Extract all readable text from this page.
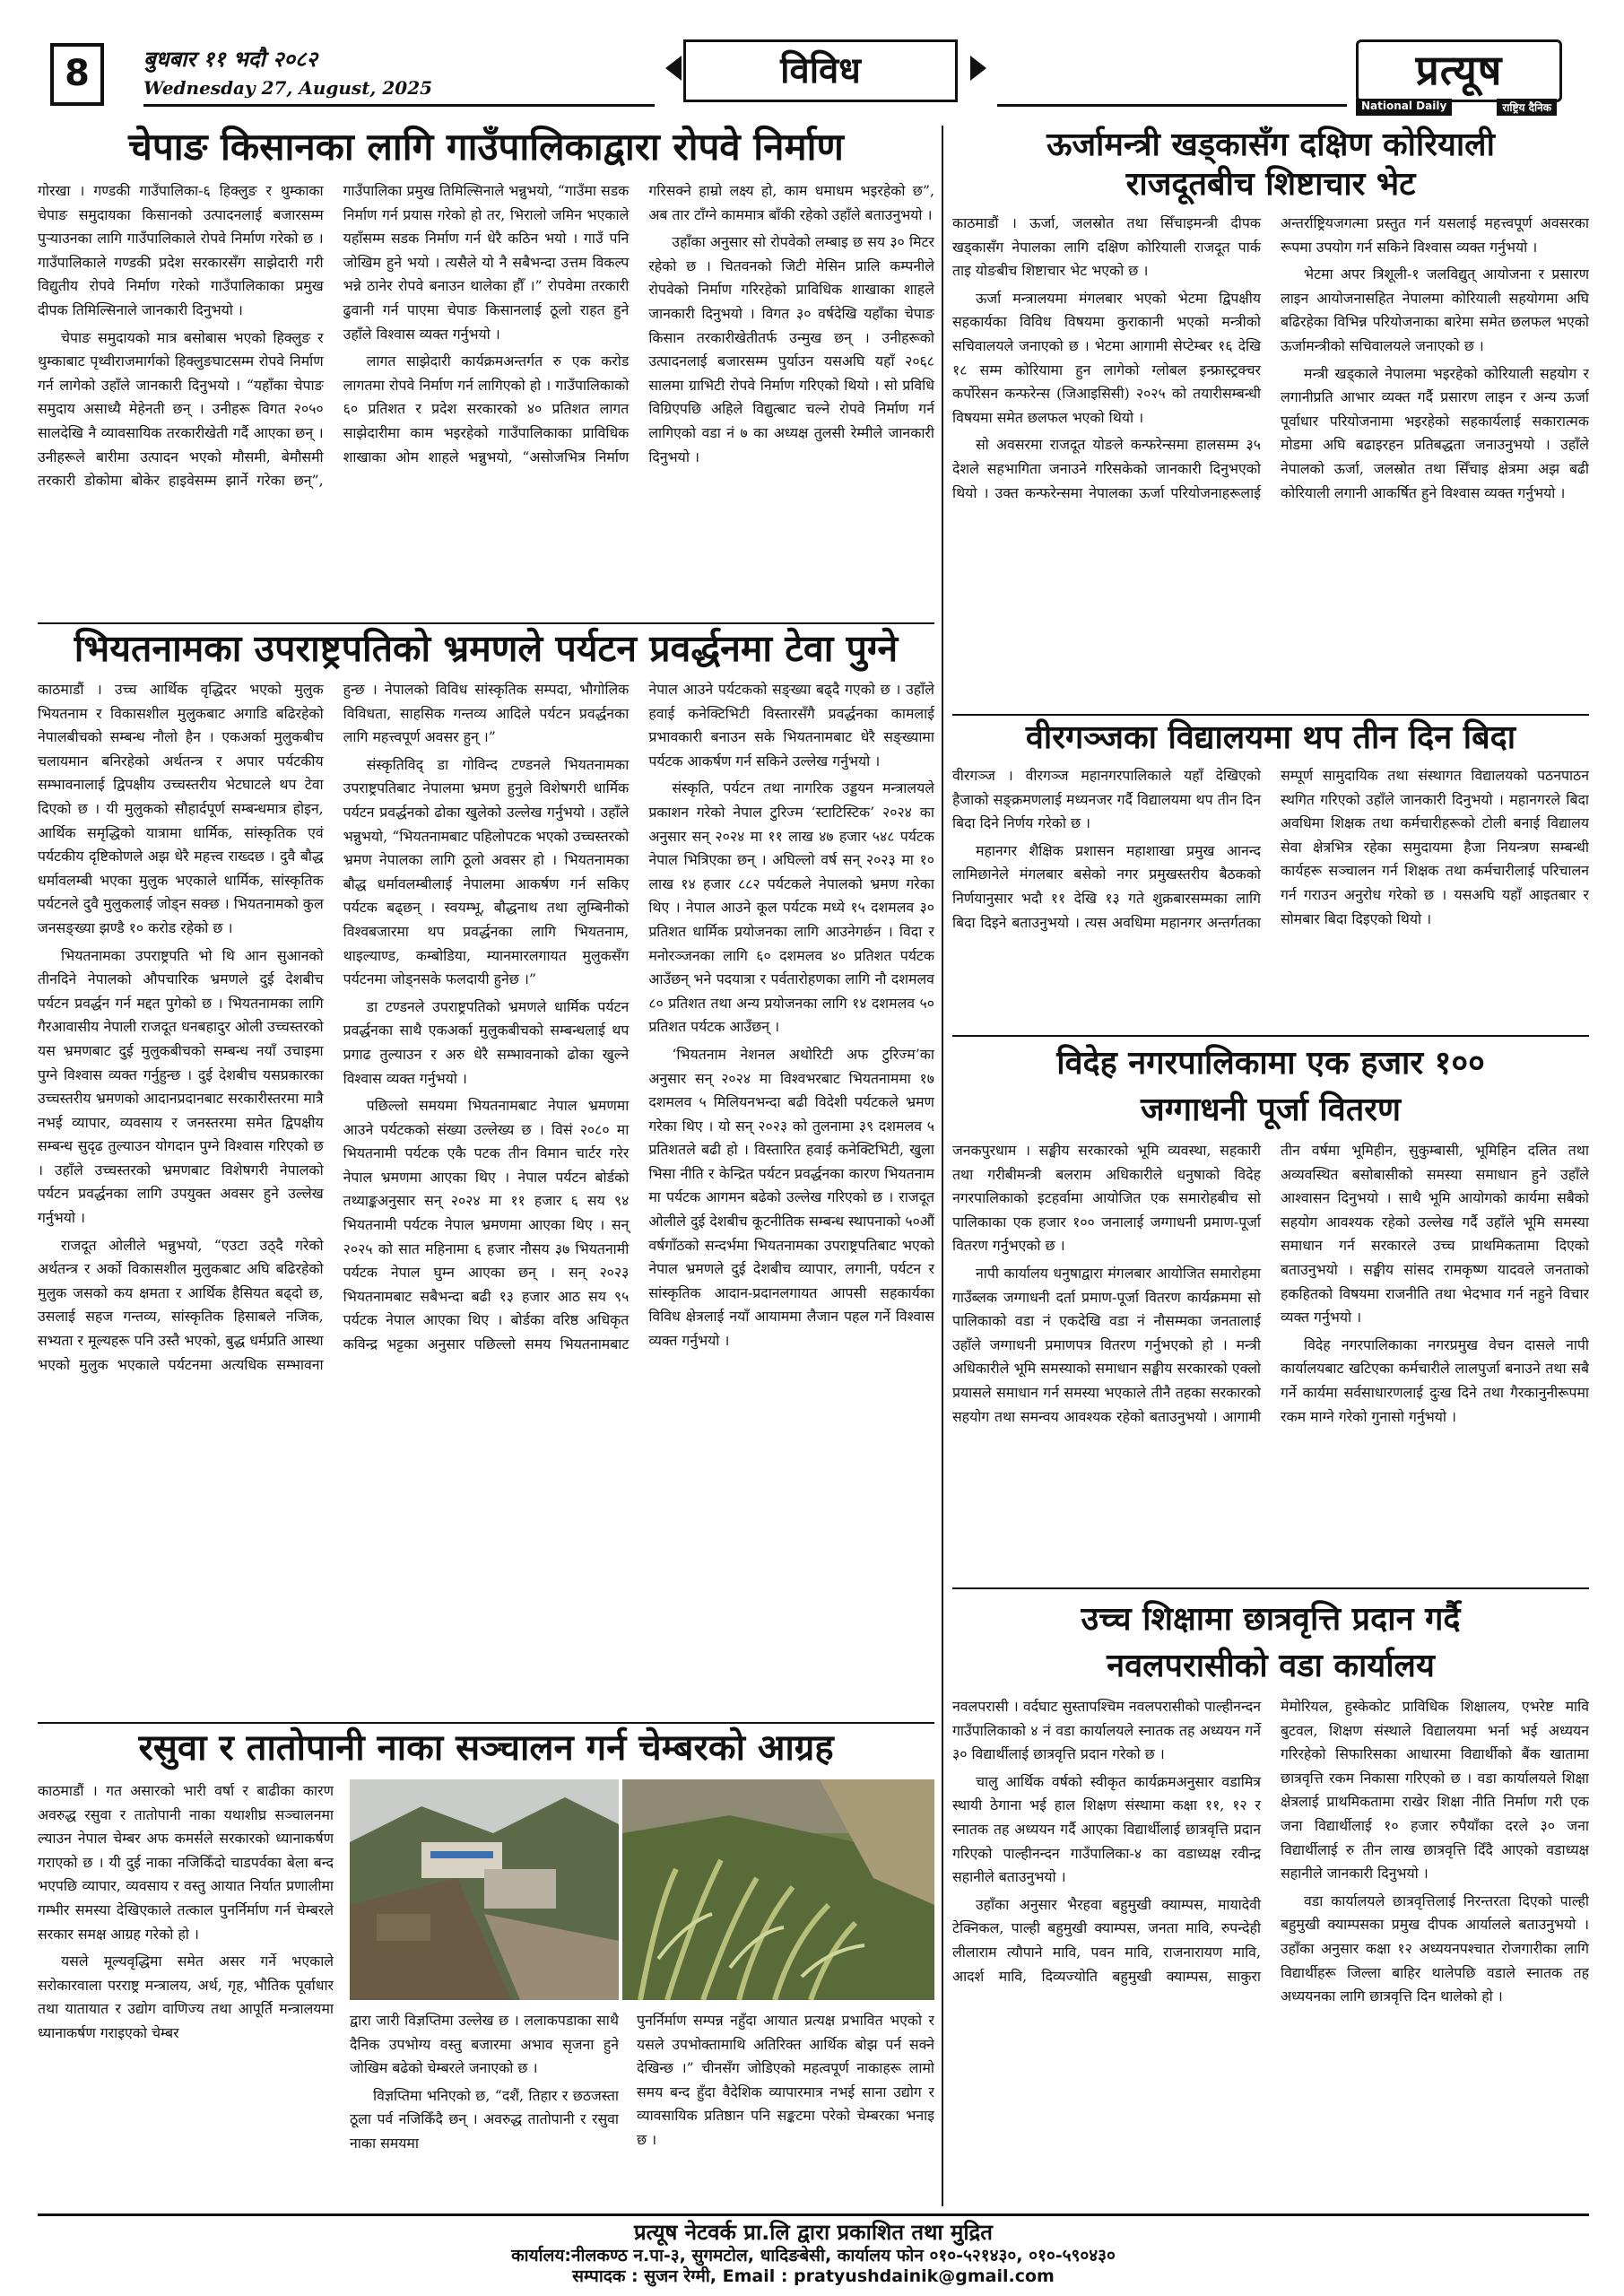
8	बुधबार ११ भदौ २०८२
Wednesday 27, August, 2025	विविध	प्रत्यूष
National Daily	राष्ट्रिय दैनिक
चेपाङ किसानका लागि गाउँपालिकाद्वारा रोपवे निर्माण

गोरखा । गण्डकी गाउँपालिका-६ हिक्लुङ र थुम्काका चेपाङ समुदायका किसानको उत्पादनलाई बजारसम्म पुऱ्याउनका लागि गाउँपालिकाले रोपवे निर्माण गरेको छ । गाउँपालिकाले गण्डकी प्रदेश सरकारसँग साझेदारी गरी विद्युतीय रोपवे निर्माण गरेको गाउँपालिकाका प्रमुख दीपक तिमिल्सिनाले जानकारी दिनुभयो ।

चेपाङ समुदायको मात्र बसोबास भएको हिक्लुङ र थुम्काबाट पृथ्वीराजमार्गको हिक्लुङघाटसम्म रोपवे निर्माण गर्न लागेको उहाँले जानकारी दिनुभयो । “यहाँका चेपाङ समुदाय असाध्यै मेहेनती छन् । उनीहरू विगत २०५० सालदेखि नै व्यावसायिक तरकारीखेती गर्दै आएका छन् । उनीहरूले बारीमा उत्पादन भएको मौसमी, बेमौसमी तरकारी डोकोमा बोकेर हाइवेसम्म झार्ने गरेका छन्”, गाउँपालिका प्रमुख तिमिल्सिनाले भन्नुभयो, “गाउँमा सडक निर्माण गर्न प्रयास गरेको हो तर, भिरालो जमिन भएकाले यहाँसम्म सडक निर्माण गर्न धेरै कठिन भयो । गाउँ पनि जोखिम हुने भयो । त्यसैले यो नै सबैभन्दा उत्तम विकल्प भन्ने ठानेर रोपवे बनाउन थालेका हौँ ।” रोपवेमा तरकारी ढुवानी गर्न पाएमा चेपाङ किसानलाई ठूलो राहत हुने उहाँले विश्वास व्यक्त गर्नुभयो ।

लागत साझेदारी कार्यक्रमअन्तर्गत रु एक करोड लागतमा रोपवे निर्माण गर्न लागिएको हो । गाउँपालिकाको ६० प्रतिशत र प्रदेश सरकारको ४० प्रतिशत लागत साझेदारीमा काम भइरहेको गाउँपालिकाका प्राविधिक शाखाका ओम शाहले भन्नुभयो, “असोजभित्र निर्माण गरिसक्ने हाम्रो लक्ष्य हो, काम धमाधम भइरहेको छ”, अब तार टाँग्ने काममात्र बाँकी रहेको उहाँले बताउनुभयो ।

उहाँका अनुसार सो रोपवेको लम्बाइ छ सय ३० मिटर रहेको छ । चितवनको जिटी मेसिन प्रालि कम्पनीले रोपवेको निर्माण गरिरहेको प्राविधिक शाखाका शाहले जानकारी दिनुभयो । विगत ३० वर्षदेखि यहाँका चेपाङ किसान तरकारीखेतीतर्फ उन्मुख छन् । उनीहरूको उत्पादनलाई बजारसम्म पुर्याउन यसअघि यहाँ २०६८ सालमा ग्राभिटी रोपवे निर्माण गरिएको थियो । सो प्रविधि विग्रिएपछि अहिले विद्युत्बाट चल्ने रोपवे निर्माण गर्न लागिएको वडा नं ७ का अध्यक्ष तुलसी रेम्मीले जानकारी दिनुभयो ।

भियतनामका उपराष्ट्रपतिको भ्रमणले पर्यटन प्रवर्द्धनमा टेवा पुग्ने

काठमाडौं । उच्च आर्थिक वृद्धिदर भएको मुलुक भियतनाम र विकासशील मुलुकबाट अगाडि बढिरहेको नेपालबीचको सम्बन्ध नौलो हैन । एकअर्का मुलुकबीच चलायमान बनिरहेको अर्थतन्त्र र अपार पर्यटकीय सम्भावनालाई द्विपक्षीय उच्चस्तरीय भेटघाटले थप टेवा दिएको छ । यी मुलुकको सौहार्दपूर्ण सम्बन्धमात्र होइन, आर्थिक समृद्धिको यात्रामा धार्मिक, सांस्कृतिक एवं पर्यटकीय दृष्टिकोणले अझ धेरै महत्त्व राख्दछ । दुवै बौद्ध धर्मावलम्बी भएका मुलुक भएकाले धार्मिक, सांस्कृतिक पर्यटनले दुवै मुलुकलाई जोड्न सक्छ । भियतनामको कुल जनसङ्ख्या झण्डै १० करोड रहेको छ ।

भियतनामका उपराष्ट्रपति भो थि आन सुआनको तीनदिने नेपालको औपचारिक भ्रमणले दुई देशबीच पर्यटन प्रवर्द्धन गर्न मद्दत पुगेको छ । भियतनामका लागि गैरआवासीय नेपाली राजदूत धनबहादुर ओली उच्चस्तरको यस भ्रमणबाट दुई मुलुकबीचको सम्बन्ध नयाँ उचाइमा पुग्ने विश्वास व्यक्त गर्नुहुन्छ । दुई देशबीच यसप्रकारका उच्चस्तरीय भ्रमणको आदानप्रदानबाट सरकारीस्तरमा मात्रै नभई व्यापार, व्यवसाय र जनस्तरमा समेत द्विपक्षीय सम्बन्ध सुदृढ तुल्याउन योगदान पुग्ने विश्वास गरिएको छ । उहाँले उच्चस्तरको भ्रमणबाट विशेषगरी नेपालको पर्यटन प्रवर्द्धनका लागि उपयुक्त अवसर हुने उल्लेख गर्नुभयो ।

राजदूत ओलीले भन्नुभयो, “एउटा उठ्दै गरेको अर्थतन्त्र र अर्को विकासशील मुलुकबाट अघि बढिरहेको मुलुक जसको कय क्षमता र आर्थिक हैसियत बढ्दो छ, उसलाई सहज गन्तव्य, सांस्कृतिक हिसाबले नजिक, सभ्यता र मूल्यहरू पनि उस्तै भएको, बुद्ध धर्मप्रति आस्था भएको मुलुक भएकाले पर्यटनमा अत्यधिक सम्भावना हुन्छ । नेपालको विविध सांस्कृतिक सम्पदा, भौगोलिक विविधता, साहसिक गन्तव्य आदिले पर्यटन प्रवर्द्धनका लागि महत्त्वपूर्ण अवसर हुन् ।”

संस्कृतिविद् डा गोविन्द टण्डनले भियतनामका उपराष्ट्रपतिबाट नेपालमा भ्रमण हुनुले विशेषगरी धार्मिक पर्यटन प्रवर्द्धनको ढोका खुलेको उल्लेख गर्नुभयो । उहाँले भन्नुभयो, “भियतनामबाट पहिलोपटक भएको उच्चस्तरको भ्रमण नेपालका लागि ठूलो अवसर हो । भियतनामका बौद्ध धर्मावलम्बीलाई नेपालमा आकर्षण गर्न सकिए पर्यटक बढ्छन् । स्वयम्भू, बौद्धनाथ तथा लुम्बिनीको विश्वबजारमा थप प्रवर्द्धनका लागि भियतनाम, थाइल्याण्ड, कम्बोडिया, म्यानमारलगायत मुलुकसँग पर्यटनमा जोड्नसके फलदायी हुनेछ ।”

डा टण्डनले उपराष्ट्रपतिको भ्रमणले धार्मिक पर्यटन प्रवर्द्धनका साथै एकअर्का मुलुकबीचको सम्बन्धलाई थप प्रगाढ तुल्याउन र अरु धेरै सम्भावनाको ढोका खुल्ने विश्वास व्यक्त गर्नुभयो ।

पछिल्लो समयमा भियतनामबाट नेपाल भ्रमणमा आउने पर्यटकको संख्या उल्लेख्य छ । विसं २०८० मा भियतनामी पर्यटक एकै पटक तीन विमान चार्टर गरेर नेपाल भ्रमणमा आएका थिए । नेपाल पर्यटन बोर्डको तथ्याङ्कअनुसार सन् २०२४ मा ११ हजार ६ सय ९४ भियतनामी पर्यटक नेपाल भ्रमणमा आएका थिए । सन् २०२५ को सात महिनामा ६ हजार नौसय ३७ भियतनामी पर्यटक नेपाल घुम्न आएका छन् । सन् २०२३ भियतनामबाट सबैभन्दा बढी १३ हजार आठ सय ९५ पर्यटक नेपाल आएका थिए । बोर्डका वरिष्ठ अधिकृत कविन्द्र भट्टका अनुसार पछिल्लो समय भियतनामबाट नेपाल आउने पर्यटकको सङ्ख्या बढ्दै गएको छ । उहाँले हवाई कनेक्टिभिटी विस्तारसँगै प्रवर्द्धनका कामलाई प्रभावकारी बनाउन सके भियतनामबाट धेरै सङ्ख्यामा पर्यटक आकर्षण गर्न सकिने उल्लेख गर्नुभयो ।

संस्कृति, पर्यटन तथा नागरिक उड्डयन मन्त्रालयले प्रकाशन गरेको नेपाल टुरिज्म ‘स्टाटिस्टिक’ २०२४ का अनुसार सन् २०२४ मा ११ लाख ४७ हजार ५४८ पर्यटक नेपाल भित्रिएका छन् । अघिल्लो वर्ष सन् २०२३ मा १० लाख १४ हजार ८८२ पर्यटकले नेपालको भ्रमण गरेका थिए । नेपाल आउने कूल पर्यटक मध्ये १५ दशमलव ३० प्रतिशत धार्मिक प्रयोजनका लागि आउनेगर्छन । विदा र मनोरञ्जनका लागि ६० दशमलव ४० प्रतिशत पर्यटक आउँछन् भने पदयात्रा र पर्वतारोहणका लागि नौ दशमलव ८० प्रतिशत तथा अन्य प्रयोजनका लागि १४ दशमलव ५० प्रतिशत पर्यटक आउँछन् ।

‘भियतनाम नेशनल अथोरिटी अफ टुरिज्म’का अनुसार सन् २०२४ मा विश्वभरबाट भियतनाममा १७ दशमलव ५ मिलियनभन्दा बढी विदेशी पर्यटकले भ्रमण गरेका थिए । यो सन् २०२३ को तुलनामा ३९ दशमलव ५ प्रतिशतले बढी हो । विस्तारित हवाई कनेक्टिभिटी, खुला भिसा नीति र केन्द्रित पर्यटन प्रवर्द्धनका कारण भियतनाम मा पर्यटक आगमन बढेको उल्लेख गरिएको छ । राजदूत ओलीले दुई देशबीच कूटनीतिक सम्बन्ध स्थापनाको ५०औं वर्षगाँठको सन्दर्भमा भियतनामका उपराष्ट्रपतिबाट भएको नेपाल भ्रमणले दुई देशबीच व्यापार, लगानी, पर्यटन र सांस्कृतिक आदान-प्रदानलगायत आपसी सहकार्यका विविध क्षेत्रलाई नयाँ आयाममा लैजान पहल गर्ने विश्वास व्यक्त गर्नुभयो ।

रसुवा र तातोपानी नाका सञ्चालन गर्न चेम्बरको आग्रह

काठमाडौं । गत असारको भारी वर्षा र बाढीका कारण अवरुद्ध रसुवा र तातोपानी नाका यथाशीघ्र सञ्चालनमा ल्याउन नेपाल चेम्बर अफ कमर्सले सरकारको ध्यानाकर्षण गराएको छ । यी दुई नाका नजिकिँदो चाडपर्वका बेला बन्द भएपछि व्यापार, व्यवसाय र वस्तु आयात निर्यात प्रणालीमा गम्भीर समस्या देखिएकाले तत्काल पुनर्निर्माण गर्न चेम्बरले सरकार समक्ष आग्रह गरेको हो ।

यसले मूल्यवृद्धिमा समेत असर गर्ने भएकाले सरोकारवाला परराष्ट्र मन्त्रालय, अर्थ, गृह, भौतिक पूर्वाधार तथा यातायात र उद्योग वाणिज्य तथा आपूर्ति मन्त्रालयमा ध्यानाकर्षण गराइएको चेम्बर

द्वारा जारी विज्ञप्तिमा उल्लेख छ । ललाकपडाका साथै दैनिक उपभोग्य वस्तु बजारमा अभाव सृजना हुने जोखिम बढेको चेम्बरले जनाएको छ ।

विज्ञप्तिमा भनिएको छ, “दशैं, तिहार र छठजस्ता ठूला पर्व नजिकिँदै छन् । अवरुद्ध तातोपानी र रसुवा नाका समयमा

पुनर्निर्माण सम्पन्न नहुँदा आयात प्रत्यक्ष प्रभावित भएको र यसले उपभोक्तामाथि अतिरिक्त आर्थिक बोझ पर्न सक्ने देखिन्छ ।” चीनसँग जोडिएको महत्वपूर्ण नाकाहरू लामो समय बन्द हुँदा वैदेशिक व्यापारमात्र नभई साना उद्योग र व्यावसायिक प्रतिष्ठान पनि सङ्कटमा परेको चेम्बरका भनाइ छ ।

ऊर्जामन्त्री खड्कासँग दक्षिण कोरियाली
राजदूतबीच शिष्टाचार भेट

काठमाडौं । ऊर्जा, जलस्रोत तथा सिँचाइमन्त्री दीपक खड्कासँग नेपालका लागि दक्षिण कोरियाली राजदूत पार्क ताइ योङबीच शिष्टाचार भेट भएको छ ।

ऊर्जा मन्त्रालयमा मंगलबार भएको भेटमा द्विपक्षीय सहकार्यका विविध विषयमा कुराकानी भएको मन्त्रीको सचिवालयले जनाएको छ । भेटमा आगामी सेप्टेम्बर १६ देखि १८ सम्म कोरियामा हुन लागेको ग्लोबल इन्फ्रास्ट्रक्चर कर्पोरेसन कन्फरेन्स (जिआइसिसी) २०२५ को तयारीसम्बन्धी विषयमा समेत छलफल भएको थियो ।

सो अवसरमा राजदूत योङले कन्फरेन्समा हालसम्म ३५ देशले सहभागिता जनाउने गरिसकेको जानकारी दिनुभएको थियो । उक्त कन्फरेन्समा नेपालका ऊर्जा परियोजनाहरूलाई अन्तर्राष्ट्रियजगत्मा प्रस्तुत गर्न यसलाई महत्त्वपूर्ण अवसरका रूपमा उपयोग गर्न सकिने विश्वास व्यक्त गर्नुभयो ।

भेटमा अपर त्रिशूली-१ जलविद्युत् आयोजना र प्रसारण लाइन आयोजनासहित नेपालमा कोरियाली सहयोगमा अघि बढिरहेका विभिन्न परियोजनाका बारेमा समेत छलफल भएको ऊर्जामन्त्रीको सचिवालयले जनाएको छ ।

मन्त्री खड्काले नेपालमा भइरहेको कोरियाली सहयोग र लगानीप्रति आभार व्यक्त गर्दै प्रसारण लाइन र अन्य ऊर्जा पूर्वाधार परियोजनामा भइरहेको सहकार्यलाई सकारात्मक मोडमा अघि बढाइरहन प्रतिबद्धता जनाउनुभयो । उहाँले नेपालको ऊर्जा, जलस्रोत तथा सिँचाइ क्षेत्रमा अझ बढी कोरियाली लगानी आकर्षित हुने विश्वास व्यक्त गर्नुभयो ।

वीरगञ्जका विद्यालयमा थप तीन दिन बिदा

वीरगञ्ज । वीरगञ्ज महानगरपालिकाले यहाँ देखिएको हैजाको सङ्क्रमणलाई मध्यनजर गर्दै विद्यालयमा थप तीन दिन बिदा दिने निर्णय गरेको छ ।

महानगर शैक्षिक प्रशासन महाशाखा प्रमुख आनन्द लामिछानेले मंगलबार बसेको नगर प्रमुखस्तरीय बैठकको निर्णयानुसार भदौ ११ देखि १३ गते शुक्रबारसम्मका लागि बिदा दिइने बताउनुभयो । त्यस अवधिमा महानगर अन्तर्गतका सम्पूर्ण सामुदायिक तथा संस्थागत विद्यालयको पठनपाठन स्थगित गरिएको उहाँले जानकारी दिनुभयो । महानगरले बिदा अवधिमा शिक्षक तथा कर्मचारीहरूको टोली बनाई विद्यालय सेवा क्षेत्रभित्र रहेका समुदायमा हैजा नियन्त्रण सम्बन्धी कार्यहरू सञ्चालन गर्न शिक्षक तथा कर्मचारीलाई परिचालन गर्न गराउन अनुरोध गरेको छ । यसअघि यहाँ आइतबार र सोमबार बिदा दिइएको थियो ।

विदेह नगरपालिकामा एक हजार १००
जग्गाधनी पूर्जा वितरण

जनकपुरधाम । सङ्घीय सरकारको भूमि व्यवस्था, सहकारी तथा गरीबीमन्त्री बलराम अधिकारीले धनुषाको विदेह नगरपालिकाको इटहर्वामा आयोजित एक समारोहबीच सो पालिकाका एक हजार १०० जनालाई जग्गाधनी प्रमाण-पूर्जा वितरण गर्नुभएको छ ।

नापी कार्यालय धनुषाद्वारा मंगलबार आयोजित समारोहमा गाउँब्लक जग्गाधनी दर्ता प्रमाण-पूर्जा वितरण कार्यक्रममा सो पालिकाको वडा नं एकदेखि वडा नं नौसम्मका जनतालाई उहाँले जग्गाधनी प्रमाणपत्र वितरण गर्नुभएको हो । मन्त्री अधिकारीले भूमि समस्याको समाधान सङ्घीय सरकारको एक्लो प्रयासले समाधान गर्न समस्या भएकाले तीनै तहका सरकारको सहयोग तथा समन्वय आवश्यक रहेको बताउनुभयो । आगामी तीन वर्षमा भूमिहीन, सुकुम्बासी, भूमिहिन दलित तथा अव्यवस्थित बसोबासीको समस्या समाधान हुने उहाँले आश्वासन दिनुभयो । साथै भूमि आयोगको कार्यमा सबैको सहयोग आवश्यक रहेको उल्लेख गर्दै उहाँले भूमि समस्या समाधान गर्न सरकारले उच्च प्राथमिकतामा दिएको बताउनुभयो । सङ्घीय सांसद रामकृष्ण यादवले जनताको हकहितको विषयमा राजनीति तथा भेदभाव गर्न नहुने विचार व्यक्त गर्नुभयो ।

विदेह नगरपालिकाका नगरप्रमुख वेचन दासले नापी कार्यालयबाट खटिएका कर्मचारीले लालपुर्जा बनाउने तथा सबै गर्ने कार्यमा सर्वसाधारणलाई दुःख दिने तथा गैरकानुनीरूपमा रकम माग्ने गरेको गुनासो गर्नुभयो ।

उच्च शिक्षामा छात्रवृत्ति प्रदान गर्दै
नवलपरासीको वडा कार्यालय

नवलपरासी । वर्दघाट सुस्तापश्चिम नवलपरासीको पाल्हीनन्दन गाउँपालिकाको ४ नं वडा कार्यालयले स्नातक तह अध्ययन गर्ने ३० विद्यार्थीलाई छात्रवृत्ति प्रदान गरेको छ ।

चालु आर्थिक वर्षको स्वीकृत कार्यक्रमअनुसार वडामित्र स्थायी ठेगाना भई हाल शिक्षण संस्थामा कक्षा ११, १२ र स्नातक तह अध्ययन गर्दै आएका विद्यार्थीलाई छात्रवृत्ति प्रदान गरिएको पाल्हीनन्दन गाउँपालिका-४ का वडाध्यक्ष रवीन्द्र सहानीले बताउनुभयो ।

उहाँका अनुसार भैरहवा बहुमुखी क्याम्पस, मायादेवी टेक्निकल, पाल्ही बहुमुखी क्याम्पस, जनता मावि, रुपन्देही लीलाराम त्यौपाने मावि, पवन मावि, राजनारायण मावि, आदर्श मावि, दिव्यज्योति बहुमुखी क्याम्पस, साकुरा मेमोरियल, हुस्केकोट प्राविधिक शिक्षालय, एभरेष्ट मावि बुटवल, शिक्षण संस्थाले विद्यालयमा भर्ना भई अध्ययन गरिरहेको सिफारिसका आधारमा विद्यार्थीको बैंक खातामा छात्रवृत्ति रकम निकासा गरिएको छ । वडा कार्यालयले शिक्षा क्षेत्रलाई प्राथमिकतामा राखेर शिक्षा नीति निर्माण गरी एक जना विद्यार्थीलाई १० हजार रुपैयाँका दरले ३० जना विद्यार्थीलाई रु तीन लाख छात्रवृत्ति दिँदै आएको वडाध्यक्ष सहानीले जानकारी दिनुभयो ।

वडा कार्यालयले छात्रवृत्तिलाई निरन्तरता दिएको पाल्ही बहुमुखी क्याम्पसका प्रमुख दीपक आर्यालले बताउनुभयो । उहाँका अनुसार कक्षा १२ अध्ययनपश्चात रोजगारीका लागि विद्यार्थीहरू जिल्ला बाहिर थालेपछि वडाले स्नातक तह अध्ययनका लागि छात्रवृत्ति दिन थालेको हो ।

प्रत्यूष नेटवर्क प्रा.लि द्वारा प्रकाशित तथा मुद्रित
कार्यालय:नीलकण्ठ न.पा-३, सुगमटोल, धादिङबेसी, कार्यालय फोन ०१०-५२१४३०, ०१०-५९०४३०
सम्पादक : सुजन रेग्मी, Email : pratyushdainik@gmail.com
